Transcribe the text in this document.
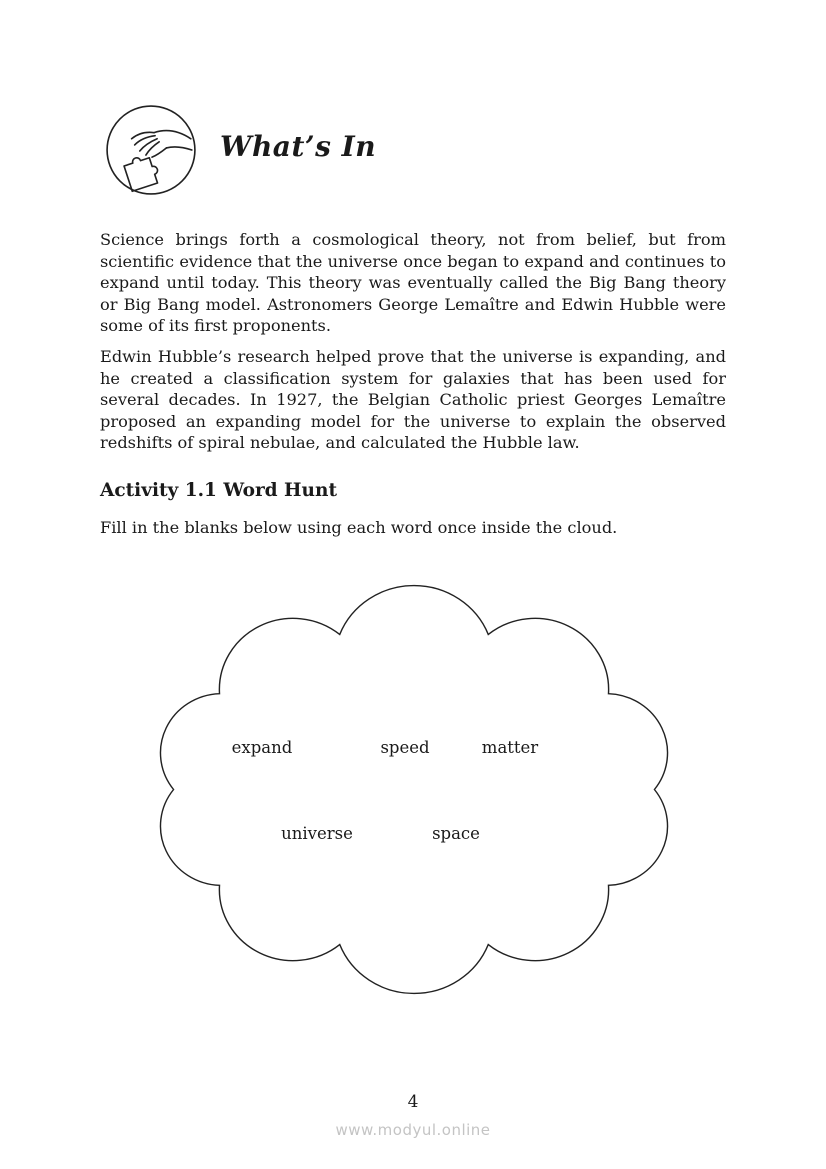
What’s In

Science brings forth a cosmological theory, not from belief, but from scientific evidence that the universe once began to expand and continues to expand until today. This theory was eventually called the Big Bang theory or Big Bang model. Astronomers George Lemaître and Edwin Hubble were some of its first proponents.

Edwin Hubble’s research helped prove that the universe is expanding, and he created a classification system for galaxies that has been used for several decades. In 1927, the Belgian Catholic priest Georges Lemaître proposed an expanding model for the universe to explain the observed redshifts of spiral nebulae, and calculated the Hubble law.

Activity 1.1 Word Hunt

Fill in the blanks below using each word once inside the cloud.

expand	speed	matter
universe	space
4
www.modyul.online
